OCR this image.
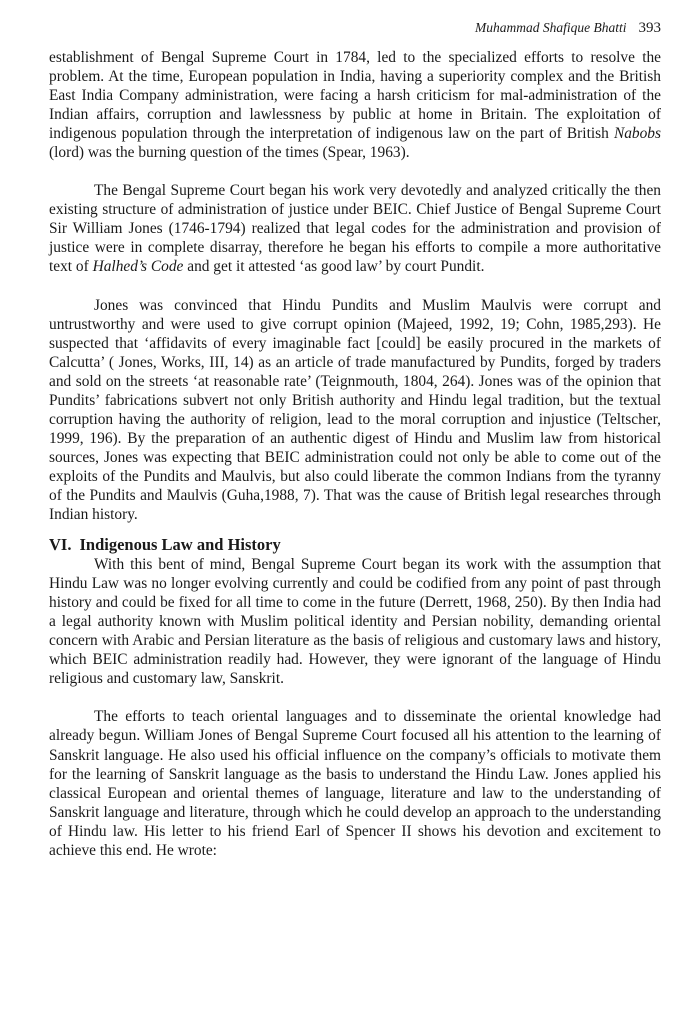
Muhammad Shafique Bhatti 393

establishment of Bengal Supreme Court in 1784, led to the specialized efforts to resolve the problem. At the time, European population in India, having a superiority complex and the British East India Company administration, were facing a harsh criticism for mal-administration of the Indian affairs, corruption and lawlessness by public at home in Britain. The exploitation of indigenous population through the interpretation of indigenous law on the part of British Nabobs (lord) was the burning question of the times (Spear, 1963).

The Bengal Supreme Court began his work very devotedly and analyzed critically the then existing structure of administration of justice under BEIC. Chief Justice of Bengal Supreme Court Sir William Jones (1746-1794) realized that legal codes for the administration and provision of justice were in complete disarray, therefore he began his efforts to compile a more authoritative text of Halhed’s Code and get it attested ‘as good law’ by court Pundit.

Jones was convinced that Hindu Pundits and Muslim Maulvis were corrupt and untrustworthy and were used to give corrupt opinion (Majeed, 1992, 19; Cohn, 1985,293). He suspected that ‘affidavits of every imaginable fact [could] be easily procured in the markets of Calcutta’ ( Jones, Works, III, 14) as an article of trade manufactured by Pundits, forged by traders and sold on the streets ‘at reasonable rate’ (Teignmouth, 1804, 264). Jones was of the opinion that Pundits’ fabrications subvert not only British authority and Hindu legal tradition, but the textual corruption having the authority of religion, lead to the moral corruption and injustice (Teltscher, 1999, 196). By the preparation of an authentic digest of Hindu and Muslim law from historical sources, Jones was expecting that BEIC administration could not only be able to come out of the exploits of the Pundits and Maulvis, but also could liberate the common Indians from the tyranny of the Pundits and Maulvis (Guha,1988, 7). That was the cause of British legal researches through Indian history.

VI. Indigenous Law and History

With this bent of mind, Bengal Supreme Court began its work with the assumption that Hindu Law was no longer evolving currently and could be codified from any point of past through history and could be fixed for all time to come in the future (Derrett, 1968, 250). By then India had a legal authority known with Muslim political identity and Persian nobility, demanding oriental concern with Arabic and Persian literature as the basis of religious and customary laws and history, which BEIC administration readily had. However, they were ignorant of the language of Hindu religious and customary law, Sanskrit.

The efforts to teach oriental languages and to disseminate the oriental knowledge had already begun. William Jones of Bengal Supreme Court focused all his attention to the learning of Sanskrit language. He also used his official influence on the company’s officials to motivate them for the learning of Sanskrit language as the basis to understand the Hindu Law. Jones applied his classical European and oriental themes of language, literature and law to the understanding of Sanskrit language and literature, through which he could develop an approach to the understanding of Hindu law. His letter to his friend Earl of Spencer II shows his devotion and excitement to achieve this end. He wrote:
